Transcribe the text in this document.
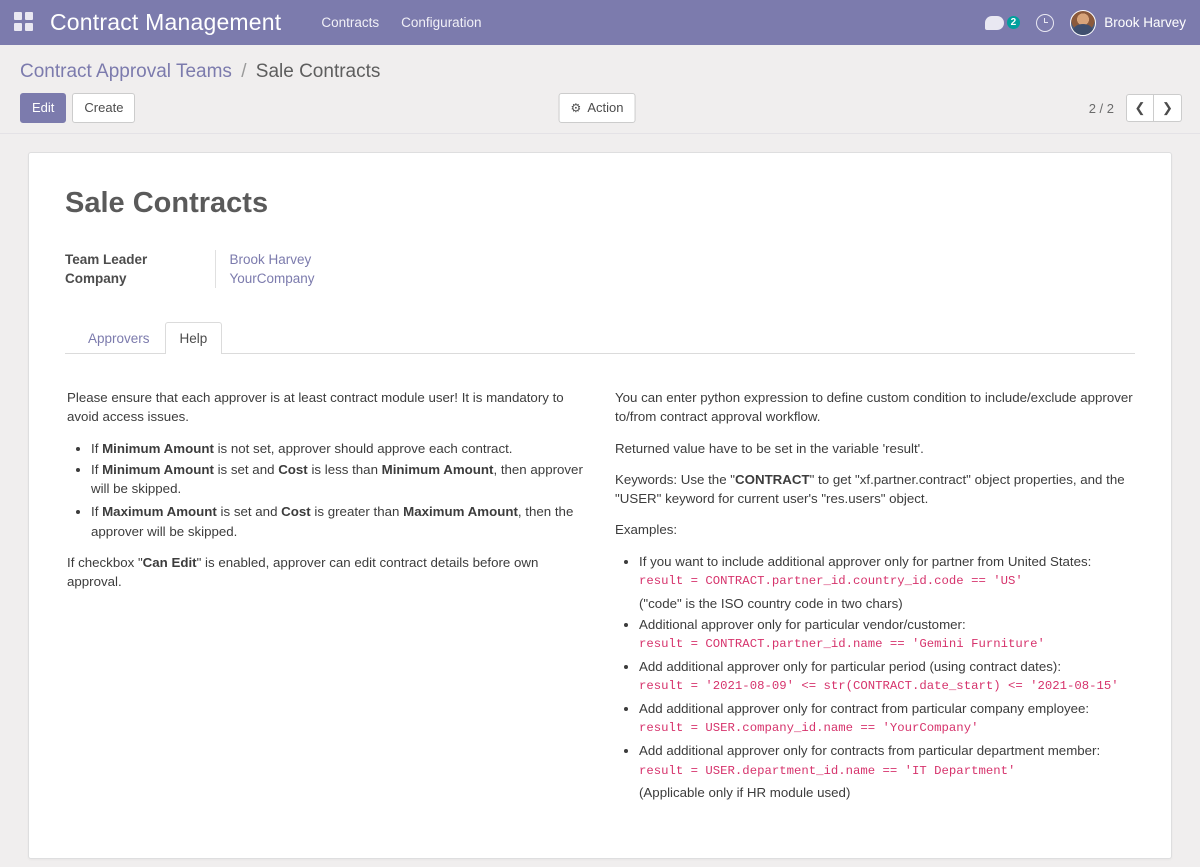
Contract Management	Contracts Configuration	2	Brook Harvey
Contract Approval Teams / Sale Contracts
Edit	Create	⚙ Action	2 / 2	❮	❯
Sale Contracts
Team Leader	Brook Harvey
Company	YourCompany
Approvers	Help

Please ensure that each approver is at least contract module user! It is mandatory to avoid access issues.

• If Minimum Amount is not set, approver should approve each contract.
• If Minimum Amount is set and Cost is less than Minimum Amount, then approver will be skipped.
• If Maximum Amount is set and Cost is greater than Maximum Amount, then the approver will be skipped.

If checkbox "Can Edit" is enabled, approver can edit contract details before own approval.

You can enter python expression to define custom condition to include/exclude approver to/from contract approval workflow.

Returned value have to be set in the variable 'result'.

Keywords: Use the "CONTRACT" to get "xf.partner.contract" object properties, and the "USER" keyword for current user's "res.users" object.

Examples:

• If you want to include additional approver only for partner from United States:
result = CONTRACT.partner_id.country_id.code == 'US'
("code" is the ISO country code in two chars)
• Additional approver only for particular vendor/customer:
result = CONTRACT.partner_id.name == 'Gemini Furniture'
• Add additional approver only for particular period (using contract dates):
result = '2021-08-09' <= str(CONTRACT.date_start) <= '2021-08-15'
• Add additional approver only for contract from particular company employee:
result = USER.company_id.name == 'YourCompany'
• Add additional approver only for contracts from particular department member:
result = USER.department_id.name == 'IT Department'
(Applicable only if HR module used)
